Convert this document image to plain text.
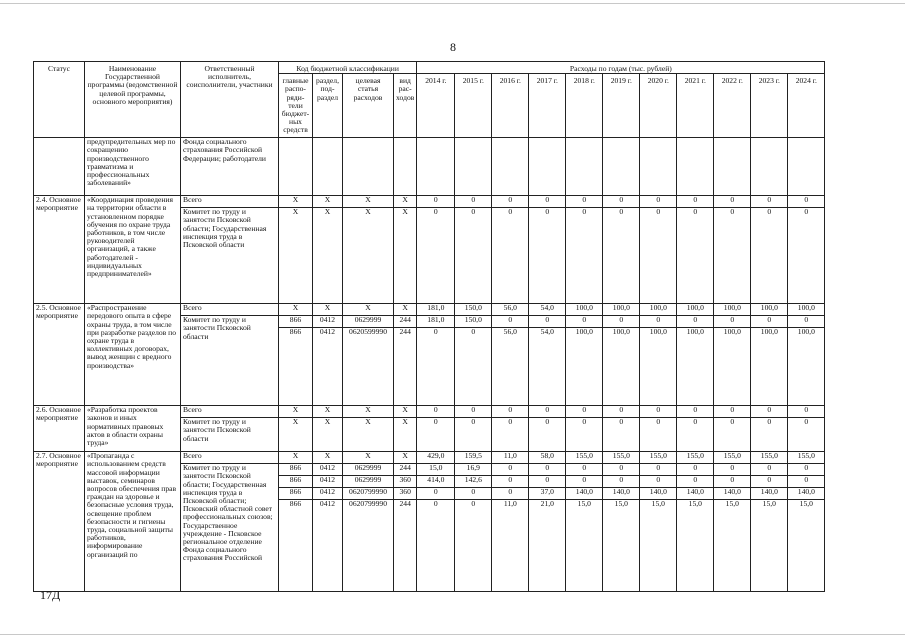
8
Статус	Наименование Государственной программы (ведомственной целевой программы, основного мероприятия)	Ответственный исполнитель, соисполнители, участники	Код бюджетной классификации				Расходы по годам (тыс. рублей)										
			главные распо-ряди-тели бюджет-ных средств	раздел, под-раздел	целевая статья расходов	вид рас-ходов	2014 г.	2015 г.	2016 г.	2017 г.	2018 г.	2019 г.	2020 г.	2021 г.	2022 г.	2023 г.	2024 г.
	предупредительных мер по сокращению производственного травматизма и профессиональных заболеваний»	Фонда социального страхования Российской Федерации; работодатели															
2.4. Основное мероприятие	«Координация проведения на территории области в установленном порядке обучения по охране труда работников, в том числе руководителей организаций, а также работодателей - индивидуальных предпринимателей»	Всего	X	X	X	X	0	0	0	0	0	0	0	0	0	0	0
		Комитет по труду и занятости Псковской области; Государственная инспекция труда в Псковской области	X	X	X	X	0	0	0	0	0	0	0	0	0	0	0
2.5. Основное мероприятие	«Распространение передового опыта в сфере охраны труда, в том числе при разработке разделов по охране труда в коллективных договорах, вывод женщин с вредного производства»	Всего	X	X	X	X	181,0	150,0	56,0	54,0	100,0	100,0	100,0	100,0	100,0	100,0	100,0
		Комитет по труду и занятости Псковской области	866	0412	0629999	244	181,0	150,0	0	0	0	0	0	0	0	0	0
			866	0412	0620599990	244	0	0	56,0	54,0	100,0	100,0	100,0	100,0	100,0	100,0	100,0
2.6. Основное мероприятие	«Разработка проектов законов и иных нормативных правовых актов в области охраны труда»	Всего	X	X	X	X	0	0	0	0	0	0	0	0	0	0	0
		Комитет по труду и занятости Псковской области	X	X	X	X	0	0	0	0	0	0	0	0	0	0	0
2.7. Основное мероприятие	«Пропаганда с использованием средств массовой информации выставок, семинаров вопросов обеспечения прав граждан на здоровье и безопасные условия труда, освещение проблем безопасности и гигиены труда, социальной защиты работников, информирование организаций по	Всего	X	X	X	X	429,0	159,5	11,0	58,0	155,0	155,0	155,0	155,0	155,0	155,0	155,0
		Комитет по труду и занятости Псковской области; Государственная инспекция труда в Псковской области; Псковский областной совет профессиональных союзов; Государственное учреждение - Псковское региональное отделение Фонда социального страхования Российской	866	0412	0629999	244	15,0	16,9	0	0	0	0	0	0	0	0	0
			866	0412	0629999	360	414,0	142,6	0	0	0	0	0	0	0	0	0
			866	0412	0620799990	360	0	0	0	37,0	140,0	140,0	140,0	140,0	140,0	140,0	140,0
			866	0412	0620799990	244	0	0	11,0	21,0	15,0	15,0	15,0	15,0	15,0	15,0	15,0
17Д
